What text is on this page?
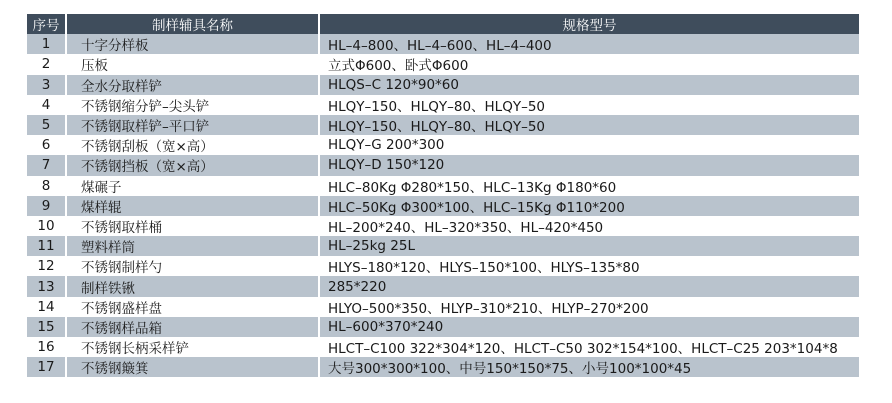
序号	制样辅具名称	规格型号
1	十字分样板	HL–4–800、HL–4–600、HL–4–400
2	压板	立式Φ600、卧式Φ600
3	全水分取样铲	HLQS–C 120*90*60
4	不锈钢缩分铲–尖头铲	HLQY–150、HLQY–80、HLQY–50
5	不锈钢取样铲–平口铲	HLQY–150、HLQY–80、HLQY–50
6	不锈钢刮板（宽×高）	HLQY–G 200*300
7	不锈钢挡板（宽×高）	HLQY–D 150*120
8	煤碾子	HLC–80Kg Φ280*150、HLC–13Kg Φ180*60
9	煤样辊	HLC–50Kg Φ300*100、HLC–15Kg Φ110*200
10	不锈钢取样桶	HL–200*240、HL–320*350、HL–420*450
11	塑料样筒	HL–25kg 25L
12	不锈钢制样勺	HLYS–180*120、HLYS–150*100、HLYS–135*80
13	制样铁锹	285*220
14	不锈钢盛样盘	HLYO–500*350、HLYP–310*210、HLYP–270*200
15	不锈钢样品箱	HL–600*370*240
16	不锈钢长柄采样铲	HLCT–C100 322*304*120、HLCT–C50 302*154*100、HLCT–C25 203*104*8
17	不锈钢簸箕	大号300*300*100、中号150*150*75、小号100*100*45
